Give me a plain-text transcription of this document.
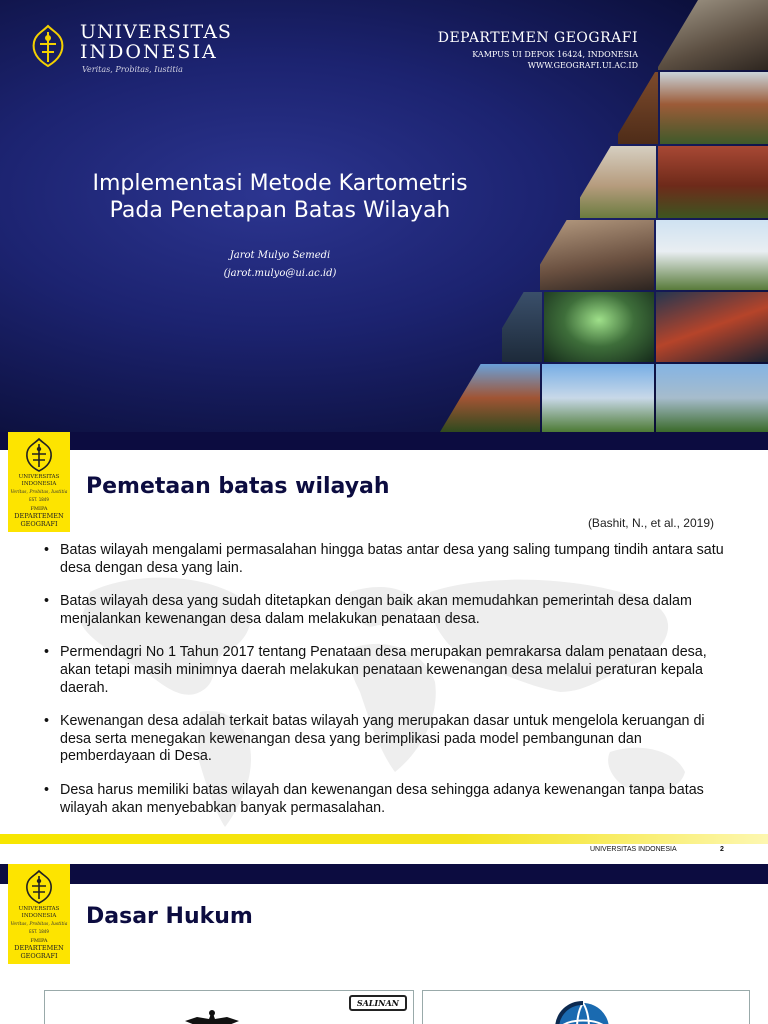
UNIVERSITAS
INDONESIA
Veritas, Probitas, Iustitia
DEPARTEMEN GEOGRAFI
KAMPUS UI DEPOK 16424, INDONESIA
WWW.GEOGRAFI.UI.AC.ID
Implementasi Metode Kartometris
Pada Penetapan Batas Wilayah
Jarot Mulyo Semedi
(jarot.mulyo@ui.ac.id)
UNIVERSITAS
INDONESIA
Veritas, Probitas, Iustitia
EST. 1849
FMIPA
DEPARTEMEN
GEOGRAFI
Pemetaan batas wilayah
(Bashit, N., et al., 2019)
• Batas wilayah mengalami permasalahan hingga batas antar desa yang saling tumpang tindih antara satu desa dengan desa yang lain.
• Batas wilayah desa yang sudah ditetapkan dengan baik akan memudahkan pemerintah desa dalam menjalankan kewenangan desa dalam melakukan penataan desa.
• Permendagri No 1 Tahun 2017 tentang Penataan desa merupakan pemrakarsa dalam penataan desa, akan tetapi masih minimnya daerah melakukan penataan kewenangan desa melalui peraturan kepala daerah.
• Kewenangan desa adalah terkait batas wilayah yang merupakan dasar untuk mengelola keruangan di desa serta menegakan kewenangan desa yang berimplikasi pada model pembangunan dan pemberdayaan di Desa.
• Desa harus memiliki batas wilayah dan kewenangan desa sehingga adanya kewenangan tanpa batas wilayah akan menyebabkan banyak permasalahan.
UNIVERSITAS INDONESIA	2
UNIVERSITAS
INDONESIA
Veritas, Probitas, Iustitia
EST. 1849
FMIPA
DEPARTEMEN
GEOGRAFI
Dasar Hukum
SALINAN
